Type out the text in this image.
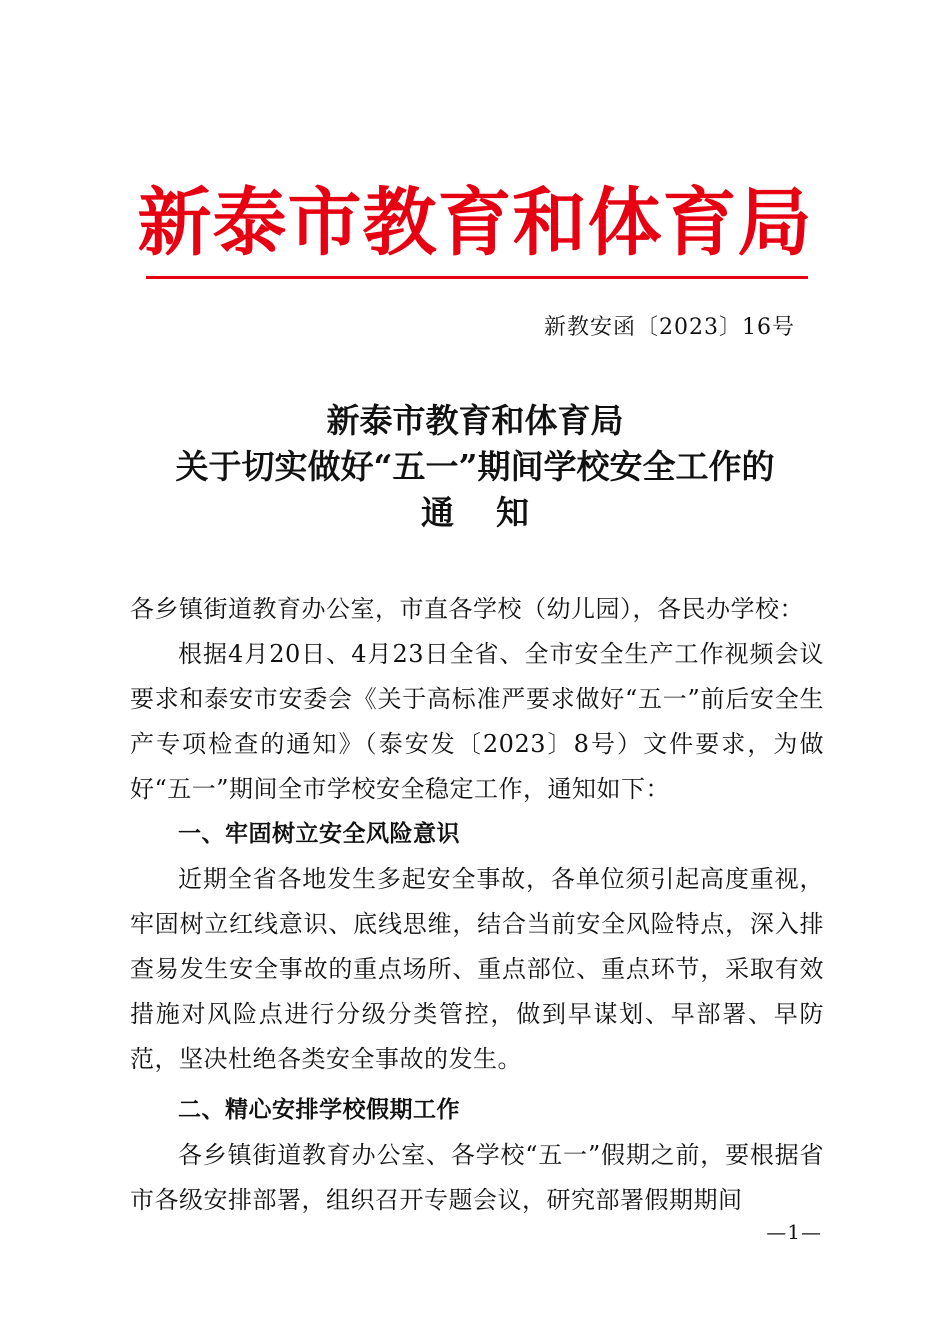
新泰市教育和体育局
新教安函〔2023〕16号
新泰市教育和体育局
关于切实做好“五一”期间学校安全工作的
通知

各乡镇街道教育办公室，市直各学校（幼儿园），各民办学校：

根据4月20日、4月23日全省、全市安全生产工作视频会议要求和泰安市安委会《关于高标准严要求做好“五一”前后安全生产专项检查的通知》（泰安发〔2023〕8号）文件要求，为做好“五一”期间全市学校安全稳定工作，通知如下：

一、牢固树立安全风险意识

近期全省各地发生多起安全事故，各单位须引起高度重视，牢固树立红线意识、底线思维，结合当前安全风险特点，深入排查易发生安全事故的重点场所、重点部位、重点环节，采取有效措施对风险点进行分级分类管控，做到早谋划、早部署、早防范，坚决杜绝各类安全事故的发生。

二、精心安排学校假期工作

各乡镇街道教育办公室、各学校“五一”假期之前，要根据省市各级安排部署，组织召开专题会议，研究部署假期期间

—1—
